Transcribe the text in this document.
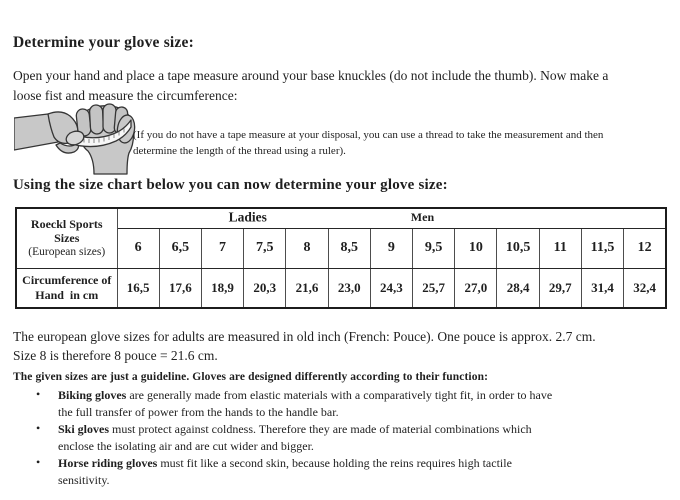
Determine your glove size:
Open your hand and place a tape measure around your base knuckles (do not include the thumb). Now make a
loose fist and measure the circumference:
(If you do not have a tape measure at your disposal, you can use a thread to take the measurement and then
determine the length of the thread using a ruler).
Using the size chart below you can now determine your glove size:
Roeckl Sports
Sizes
(European sizes)	Ladies Men												

	6	6,5	7	7,5	8	8,5	9	9,5	10	10,5	11	11,5	12

Circumference of
Hand  in cm	16,5	17,6	18,9	20,3	21,6	23,0	24,3	25,7	27,0	28,4	29,7	31,4	32,4
The european glove sizes for adults are measured in old inch (French: Pouce). One pouce is approx. 2.7 cm.
Size 8 is therefore 8 pouce = 21.6 cm.
The given sizes are just a guideline. Gloves are designed differently according to their function:
•
Biking gloves are generally made from elastic materials with a comparatively tight fit, in order to have
the full transfer of power from the hands to the handle bar.
•
Ski gloves must protect against coldness. Therefore they are made of material combinations which
enclose the isolating air and are cut wider and bigger.
•
Horse riding gloves must fit like a second skin, because holding the reins requires high tactile
sensitivity.
